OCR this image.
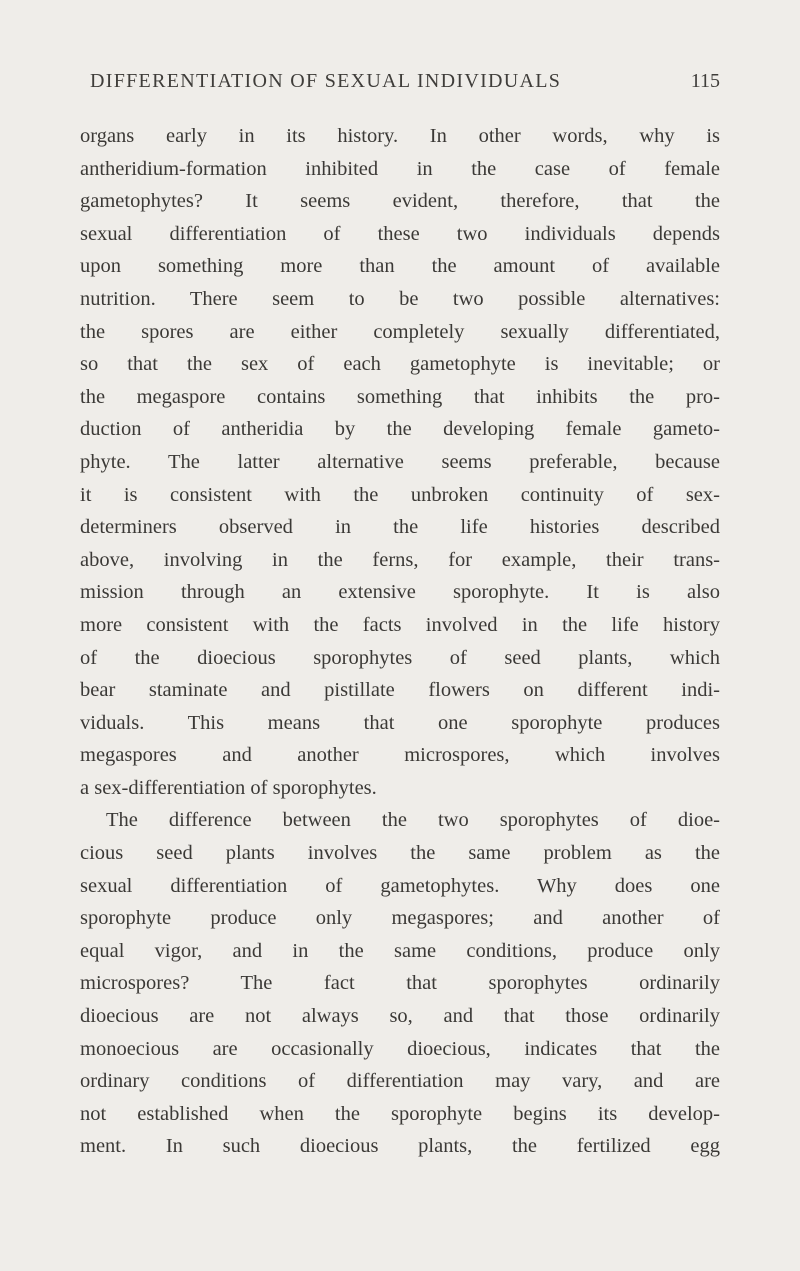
DIFFERENTIATION OF SEXUAL INDIVIDUALS	115
organs early in its history. In other words, why is
antheridium-formation inhibited in the case of female
gametophytes? It seems evident, therefore, that the
sexual differentiation of these two individuals depends
upon something more than the amount of available
nutrition. There seem to be two possible alternatives:
the spores are either completely sexually differentiated,
so that the sex of each gametophyte is inevitable; or
the megaspore contains something that inhibits the pro-
duction of antheridia by the developing female gameto-
phyte. The latter alternative seems preferable, because
it is consistent with the unbroken continuity of sex-
determiners observed in the life histories described
above, involving in the ferns, for example, their trans-
mission through an extensive sporophyte. It is also
more consistent with the facts involved in the life history
of the dioecious sporophytes of seed plants, which
bear staminate and pistillate flowers on different indi-
viduals. This means that one sporophyte produces
megaspores and another microspores, which involves
a sex-differentiation of sporophytes.
The difference between the two sporophytes of dioe-
cious seed plants involves the same problem as the
sexual differentiation of gametophytes. Why does one
sporophyte produce only megaspores; and another of
equal vigor, and in the same conditions, produce only
microspores? The fact that sporophytes ordinarily
dioecious are not always so, and that those ordinarily
monoecious are occasionally dioecious, indicates that the
ordinary conditions of differentiation may vary, and are
not established when the sporophyte begins its develop-
ment. In such dioecious plants, the fertilized egg
